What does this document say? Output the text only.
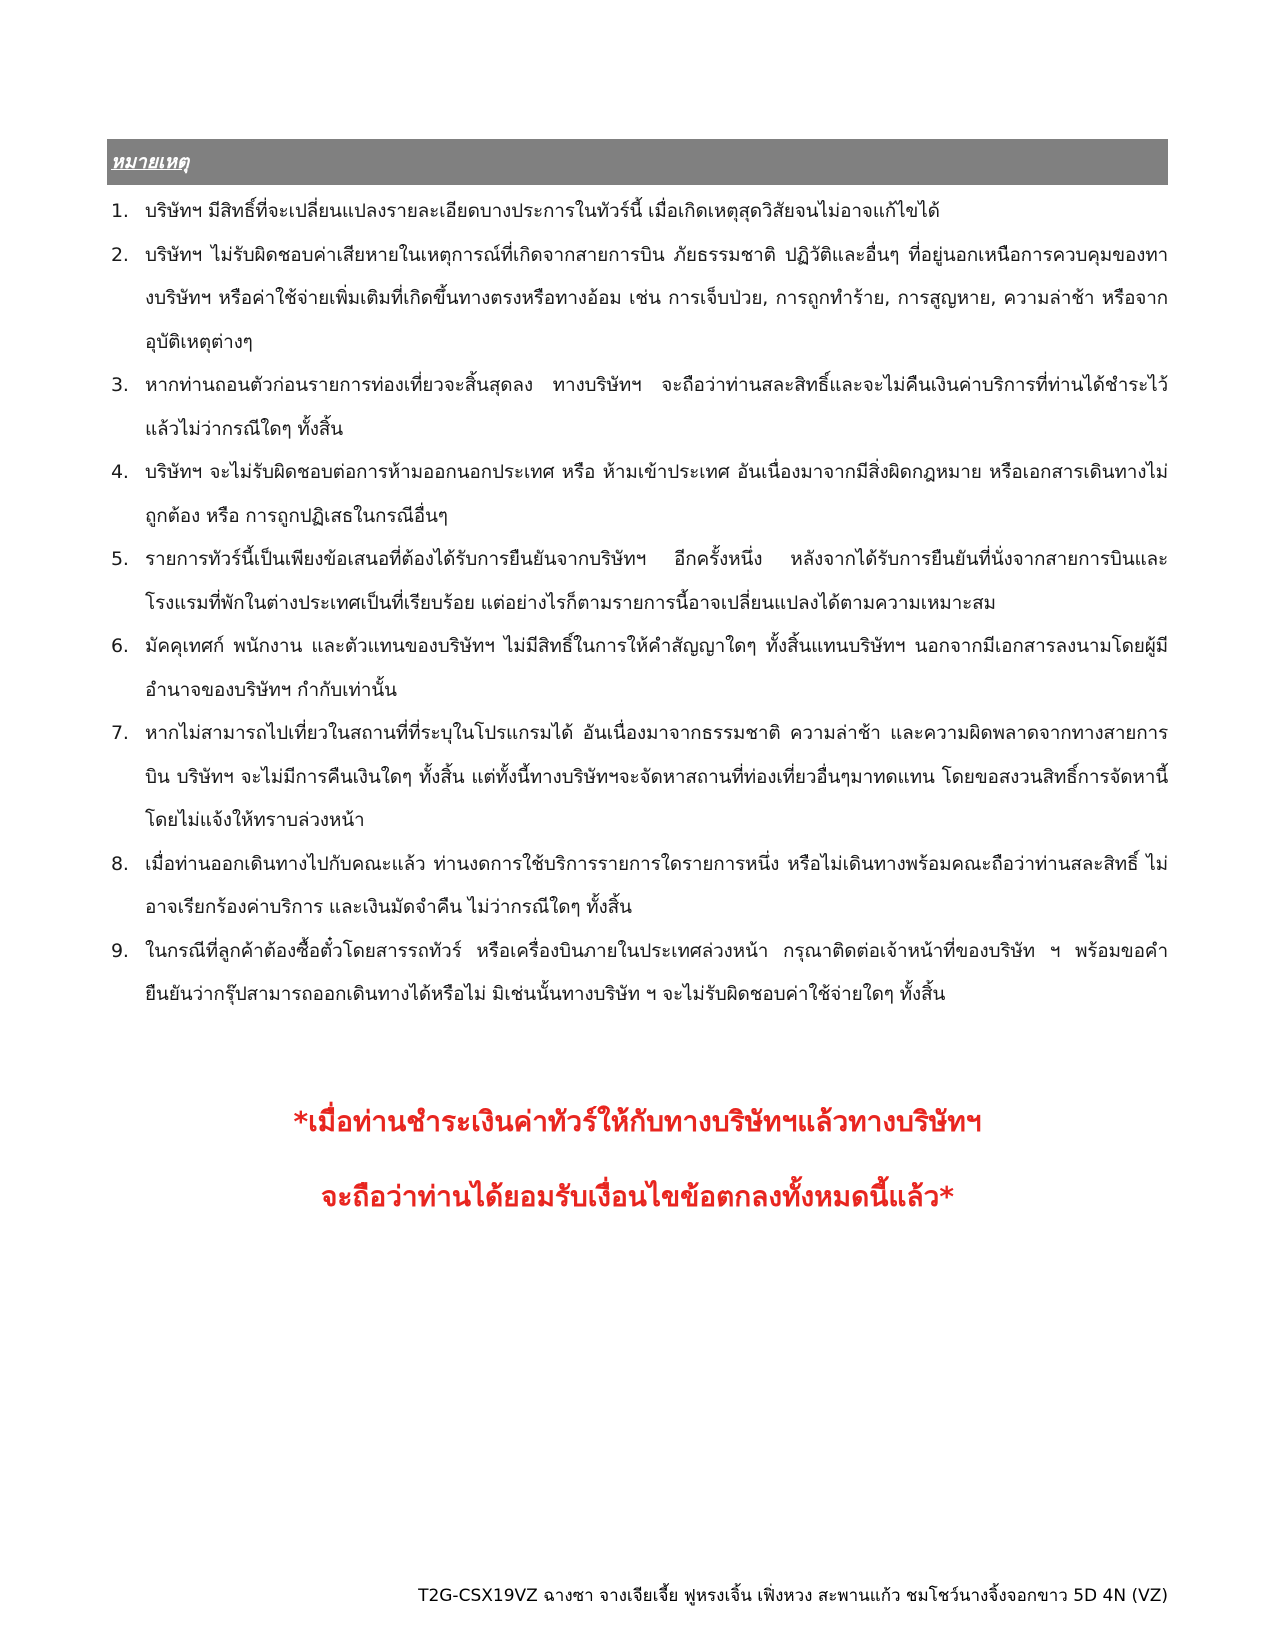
หมายเหตุ
1. บริษัทฯ มีสิทธิ์ที่จะเปลี่ยนแปลงรายละเอียดบางประการในทัวร์นี้ เมื่อเกิดเหตุสุดวิสัยจนไม่อาจแก้ไขได้
2. บริษัทฯ ไม่รับผิดชอบค่าเสียหายในเหตุการณ์ที่เกิดจากสายการบิน ภัยธรรมชาติ ปฏิวัติและอื่นๆ ที่อยู่นอกเหนือการควบคุมของทางบริษัทฯ หรือค่าใช้จ่ายเพิ่มเติมที่เกิดขึ้นทางตรงหรือทางอ้อม เช่น การเจ็บป่วย, การถูกทำร้าย, การสูญหาย, ความล่าช้า หรือจากอุบัติเหตุต่างๆ
3. หากท่านถอนตัวก่อนรายการท่องเที่ยวจะสิ้นสุดลง ทางบริษัทฯ จะถือว่าท่านสละสิทธิ์และจะไม่คืนเงินค่าบริการที่ท่านได้ชำระไว้แล้วไม่ว่ากรณีใดๆ ทั้งสิ้น
4. บริษัทฯ จะไม่รับผิดชอบต่อการห้ามออกนอกประเทศ หรือ ห้ามเข้าประเทศ อันเนื่องมาจากมีสิ่งผิดกฎหมาย หรือเอกสารเดินทางไม่ถูกต้อง หรือ การถูกปฏิเสธในกรณีอื่นๆ
5. รายการทัวร์นี้เป็นเพียงข้อเสนอที่ต้องได้รับการยืนยันจากบริษัทฯ อีกครั้งหนึ่ง หลังจากได้รับการยืนยันที่นั่งจากสายการบินและโรงแรมที่พักในต่างประเทศเป็นที่เรียบร้อย แต่อย่างไรก็ตามรายการนี้อาจเปลี่ยนแปลงได้ตามความเหมาะสม
6. มัคคุเทศก์ พนักงาน และตัวแทนของบริษัทฯ ไม่มีสิทธิ์ในการให้คำสัญญาใดๆ ทั้งสิ้นแทนบริษัทฯ นอกจากมีเอกสารลงนามโดยผู้มีอำนาจของบริษัทฯ กำกับเท่านั้น
7. หากไม่สามารถไปเที่ยวในสถานที่ที่ระบุในโปรแกรมได้ อันเนื่องมาจากธรรมชาติ ความล่าช้า และความผิดพลาดจากทางสายการบิน บริษัทฯ จะไม่มีการคืนเงินใดๆ ทั้งสิ้น แต่ทั้งนี้ทางบริษัทฯจะจัดหาสถานที่ท่องเที่ยวอื่นๆมาทดแทน โดยขอสงวนสิทธิ์การจัดหานี้โดยไม่แจ้งให้ทราบล่วงหน้า
8. เมื่อท่านออกเดินทางไปกับคณะแล้ว ท่านงดการใช้บริการรายการใดรายการหนึ่ง หรือไม่เดินทางพร้อมคณะถือว่าท่านสละสิทธิ์ ไม่อาจเรียกร้องค่าบริการ และเงินมัดจำคืน ไม่ว่ากรณีใดๆ ทั้งสิ้น
9. ในกรณีที่ลูกค้าต้องซื้อตั๋วโดยสารรถทัวร์ หรือเครื่องบินภายในประเทศล่วงหน้า กรุณาติดต่อเจ้าหน้าที่ของบริษัท ฯ พร้อมขอคำยืนยันว่ากรุ๊ปสามารถออกเดินทางได้หรือไม่ มิเช่นนั้นทางบริษัท ฯ จะไม่รับผิดชอบค่าใช้จ่ายใดๆ ทั้งสิ้น
*เมื่อท่านชำระเงินค่าทัวร์ให้กับทางบริษัทฯแล้วทางบริษัทฯ
จะถือว่าท่านได้ยอมรับเงื่อนไขข้อตกลงทั้งหมดนี้แล้ว*
T2G-CSX19VZ ฉางซา จางเจียเจี้ย ฟูหรงเจิ้น เฟิ่งหวง สะพานแก้ว ชมโชว์นางจิ้งจอกขาว 5D 4N (VZ)
